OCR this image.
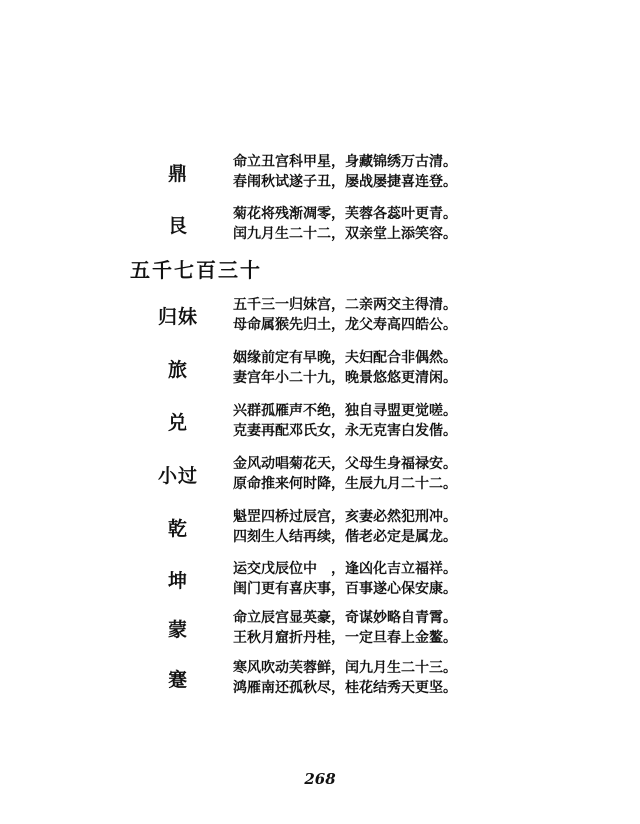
鼎
命立丑宫科甲星，身藏锦绣万古清。
春闱秋试遂子丑，屡战屡捷喜连登。
艮
菊花将残渐凋零，芙蓉各蕊叶更青。
闰九月生二十二，双亲堂上添笑容。
五千七百三十
归妹
五千三一归妹宫，二亲两交主得清。
母命属猴先归土，龙父寿高四皓公。
旅
姻缘前定有早晚，夫妇配合非偶然。
妻宫年小二十九，晚景悠悠更清闲。
兑
兴群孤雁声不绝，独自寻盟更觉嗟。
克妻再配邓氏女，永无克害白发偕。
小过
金风动唱菊花天，父母生身福禄安。
原命推来何时降，生辰九月二十二。
乾
魁罡四桥过辰宫，亥妻必然犯刑冲。
四刻生人结再续，偕老必定是属龙。
坤
运交戊辰位中　，逢凶化吉立福祥。
闺门更有喜庆事，百事遂心保安康。
蒙
命立辰宫显英豪，奇谋妙略自青霄。
王秋月窟折丹桂，一定旦春上金鳌。
蹇
寒风吹动芙蓉鲜，闰九月生二十三。
鸿雁南还孤秋尽，桂花结秀天更坚。
268
